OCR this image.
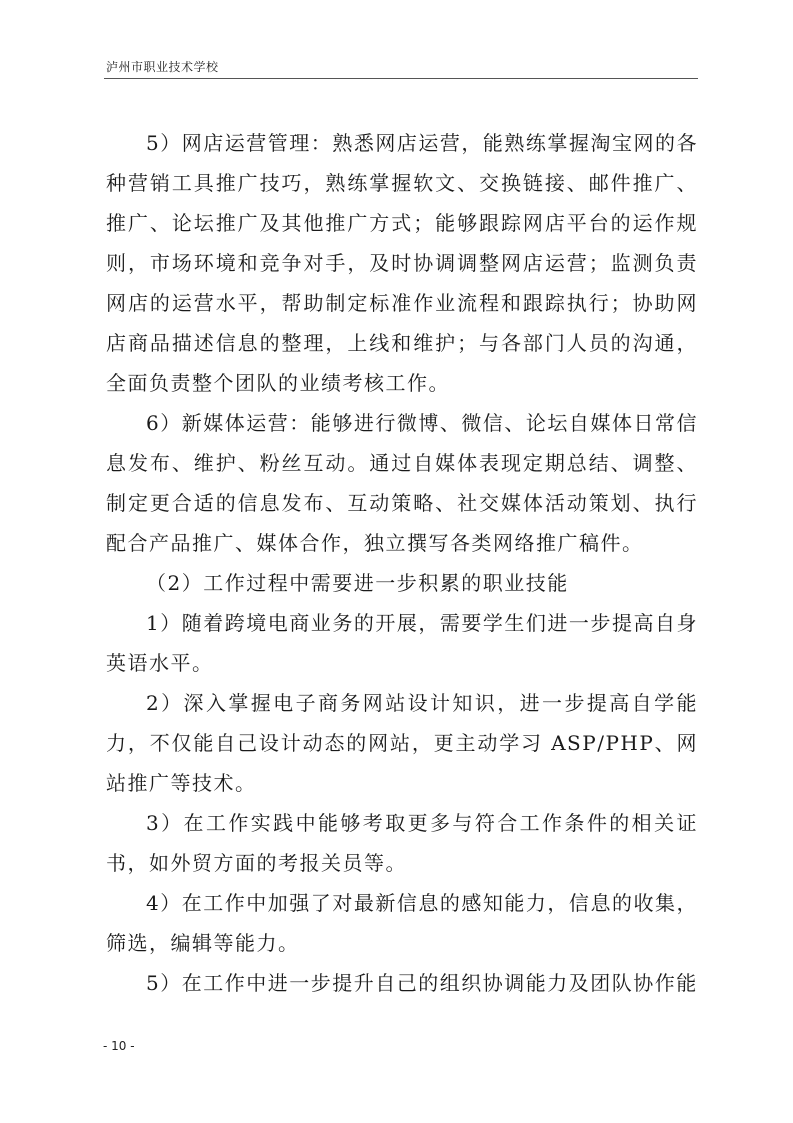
泸州市职业技术学校

5）网店运营管理：熟悉网店运营，能熟练掌握淘宝网的各种营销工具推广技巧，熟练掌握软文、交换链接、邮件推广、推广、论坛推广及其他推广方式；能够跟踪网店平台的运作规则，市场环境和竞争对手，及时协调调整网店运营；监测负责网店的运营水平，帮助制定标准作业流程和跟踪执行；协助网店商品描述信息的整理，上线和维护；与各部门人员的沟通，全面负责整个团队的业绩考核工作。

6）新媒体运营：能够进行微博、微信、论坛自媒体日常信息发布、维护、粉丝互动。通过自媒体表现定期总结、调整、制定更合适的信息发布、互动策略、社交媒体活动策划、执行配合产品推广、媒体合作，独立撰写各类网络推广稿件。

（2）工作过程中需要进一步积累的职业技能

1）随着跨境电商业务的开展，需要学生们进一步提高自身英语水平。

2）深入掌握电子商务网站设计知识，进一步提高自学能力，不仅能自己设计动态的网站，更主动学习 ASP/PHP、网站推广等技术。

3）在工作实践中能够考取更多与符合工作条件的相关证书，如外贸方面的考报关员等。

4）在工作中加强了对最新信息的感知能力，信息的收集，筛选，编辑等能力。

5）在工作中进一步提升自己的组织协调能力及团队协作能

- 10 -
